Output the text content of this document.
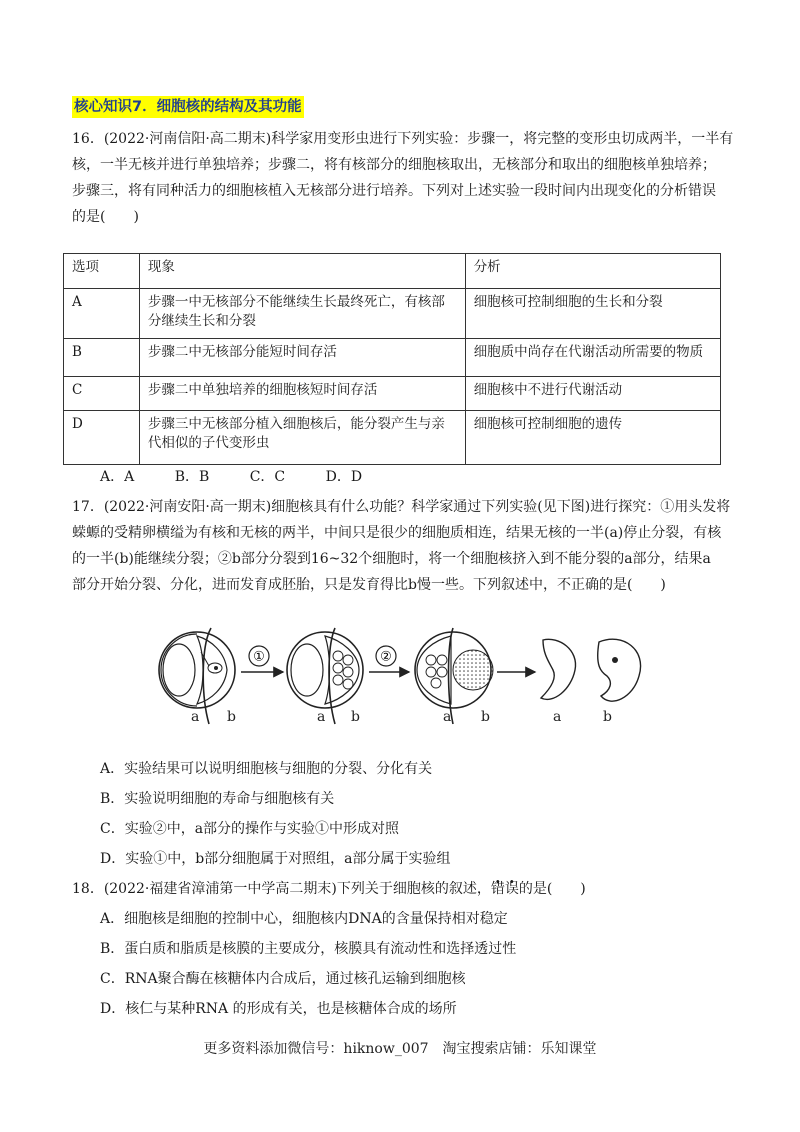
核心知识7．细胞核的结构及其功能

16．(2022·河南信阳·高二期末)科学家用变形虫进行下列实验：步骤一，将完整的变形虫切成两半，一半有
核，一半无核并进行单独培养；步骤二，将有核部分的细胞核取出，无核部分和取出的细胞核单独培养；
步骤三，将有同种活力的细胞核植入无核部分进行培养。下列对上述实验一段时间内出现变化的分析错误
的是(　　)

选项	现象	分析
A	步骤一中无核部分不能继续生长最终死亡，有核部分继续生长和分裂	细胞核可控制细胞的生长和分裂
B	步骤二中无核部分能短时间存活	细胞质中尚存在代谢活动所需要的物质
C	步骤二中单独培养的细胞核短时间存活	细胞核中不进行代谢活动
D	步骤三中无核部分植入细胞核后，能分裂产生与亲代相似的子代变形虫	细胞核可控制细胞的遗传
A．A	B．B	C．C	D．D

17．(2022·河南安阳·高一期末)细胞核具有什么功能？科学家通过下列实验(见下图)进行探究：①用头发将
蝾螈的受精卵横缢为有核和无核的两半，中间只是很少的细胞质相连，结果无核的一半(a)停止分裂，有核
的一半(b)能继续分裂；②b部分分裂到16~32个细胞时，将一个细胞核挤入到不能分裂的a部分，结果a
部分开始分裂、分化，进而发育成胚胎，只是发育得比b慢一些。下列叙述中，不正确的是(　　)

①	②
a b	a b	a b	a	b
A．实验结果可以说明细胞核与细胞的分裂、分化有关
B．实验说明细胞的寿命与细胞核有关
C．实验②中，a部分的操作与实验①中形成对照
D．实验①中，b部分细胞属于对照组，a部分属于实验组
18．(2022·福建省漳浦第一中学高二期末)下列关于细胞核的叙述，错误的是(　　)
A．细胞核是细胞的控制中心，细胞核内DNA的含量保持相对稳定
B．蛋白质和脂质是核膜的主要成分，核膜具有流动性和选择透过性
C．RNA聚合酶在核糖体内合成后，通过核孔运输到细胞核
D．核仁与某种RNA 的形成有关，也是核糖体合成的场所
更多资料添加微信号：hiknow_007　淘宝搜索店铺：乐知课堂
